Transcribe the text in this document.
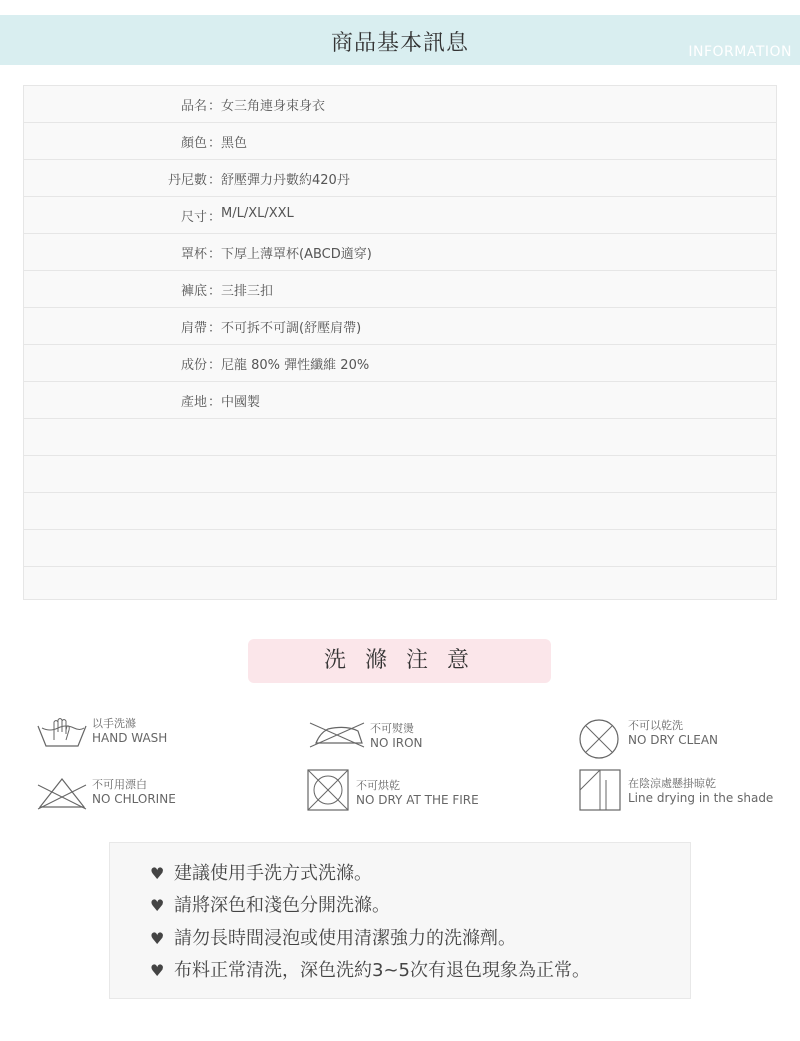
商品基本訊息	INFORMATION
品名 ： 女三角連身束身衣
顏色 ： 黑色
丹尼數 ： 舒壓彈力丹數約420丹
尺寸 ： M/L/XL/XXL
罩杯 ： 下厚上薄罩杯(ABCD適穿)
褲底 ： 三排三扣
肩帶 ： 不可拆不可調(舒壓肩帶)
成份 ： 尼龍 80% 彈性纖維 20%
產地 ： 中國製
洗 滌 注 意
以手洗滌
HAND WASH
不可熨燙
NO IRON
不可以乾洗
NO DRY CLEAN
不可用漂白
NO CHLORINE
不可烘乾
NO DRY AT THE FIRE
在陰涼處懸掛晾乾
Line drying in the shade
♥ 建議使用手洗方式洗滌。
♥ 請將深色和淺色分開洗滌。
♥ 請勿長時間浸泡或使用清潔強力的洗滌劑。
♥ 布料正常清洗，深色洗約3~5次有退色現象為正常。
